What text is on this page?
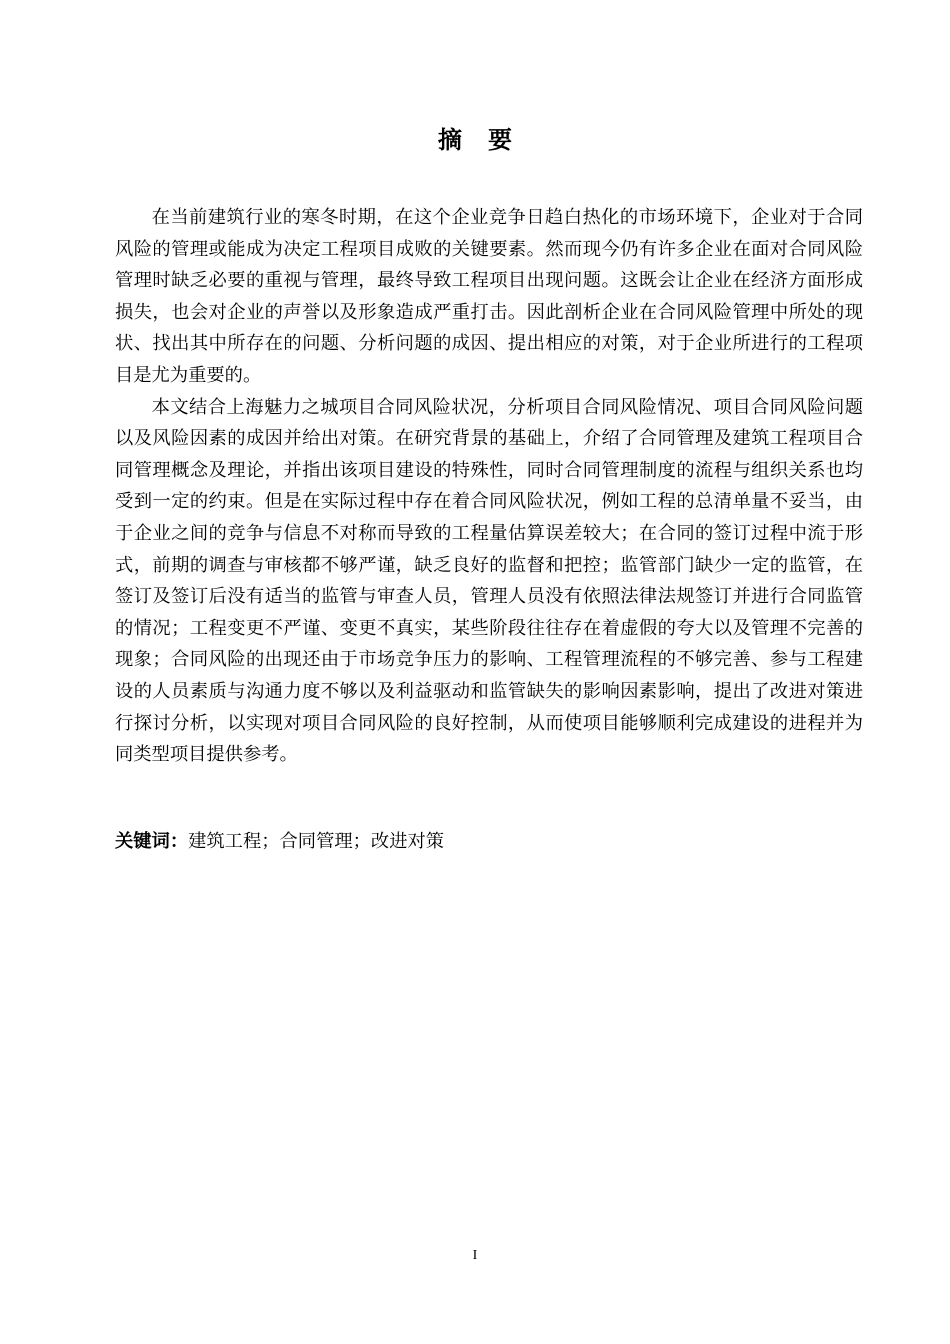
摘 要

在当前建筑行业的寒冬时期，在这个企业竞争日趋白热化的市场环境下，企业对于合同风险的管理或能成为决定工程项目成败的关键要素。然而现今仍有许多企业在面对合同风险管理时缺乏必要的重视与管理，最终导致工程项目出现问题。这既会让企业在经济方面形成损失，也会对企业的声誉以及形象造成严重打击。因此剖析企业在合同风险管理中所处的现状、找出其中所存在的问题、分析问题的成因、提出相应的对策，对于企业所进行的工程项目是尤为重要的。

本文结合上海魅力之城项目合同风险状况，分析项目合同风险情况、项目合同风险问题以及风险因素的成因并给出对策。在研究背景的基础上，介绍了合同管理及建筑工程项目合同管理概念及理论，并指出该项目建设的特殊性，同时合同管理制度的流程与组织关系也均受到一定的约束。但是在实际过程中存在着合同风险状况，例如工程的总清单量不妥当，由于企业之间的竞争与信息不对称而导致的工程量估算误差较大；在合同的签订过程中流于形式，前期的调查与审核都不够严谨，缺乏良好的监督和把控；监管部门缺少一定的监管，在签订及签订后没有适当的监管与审查人员，管理人员没有依照法律法规签订并进行合同监管的情况；工程变更不严谨、变更不真实，某些阶段往往存在着虚假的夸大以及管理不完善的现象；合同风险的出现还由于市场竞争压力的影响、工程管理流程的不够完善、参与工程建设的人员素质与沟通力度不够以及利益驱动和监管缺失的影响因素影响，提出了改进对策进行探讨分析，以实现对项目合同风险的良好控制，从而使项目能够顺利完成建设的进程并为同类型项目提供参考。

关键词：建筑工程；合同管理；改进对策
I
